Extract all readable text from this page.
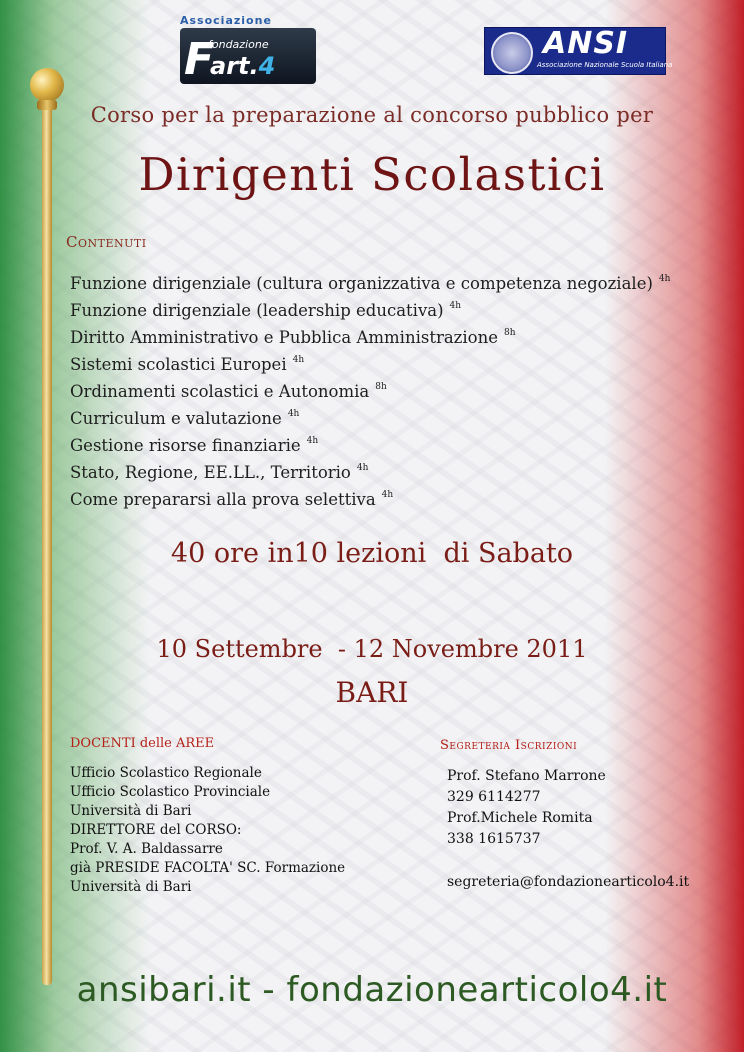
Associazione
F
fondazione
art.4
ANSI
Associazione Nazionale Scuola Italiana
Corso per la preparazione al concorso pubblico per
Dirigenti Scolastici
Contenuti
Funzione dirigenziale (cultura organizzativa e competenza negoziale) $^{4h}$
Funzione dirigenziale (leadership educativa) $^{4h}$
Diritto Amministrativo e Pubblica Amministrazione $^{8h}$
Sistemi scolastici Europei $^{4h}$
Ordinamenti scolastici e Autonomia $^{8h}$
Curriculum e valutazione $^{4h}$
Gestione risorse finanziarie $^{4h}$
Stato, Regione, EE.LL., Territorio $^{4h}$
Come prepararsi alla prova selettiva $^{4h}$
40 ore in10 lezioni  di Sabato
10 Settembre  - 12 Novembre 2011
BARI
DOCENTI delle AREE
Ufficio Scolastico Regionale
Ufficio Scolastico Provinciale
Università di Bari
DIRETTORE del CORSO:
Prof. V. A. Baldassarre
già PRESIDE FACOLTA' SC. Formazione
Università di Bari
Segreteria Iscrizioni
Prof. Stefano Marrone
329 6114277
Prof.Michele Romita
338 1615737
segreteria@fondazionearticolo4.it
ansibari.it - fondazionearticolo4.it
